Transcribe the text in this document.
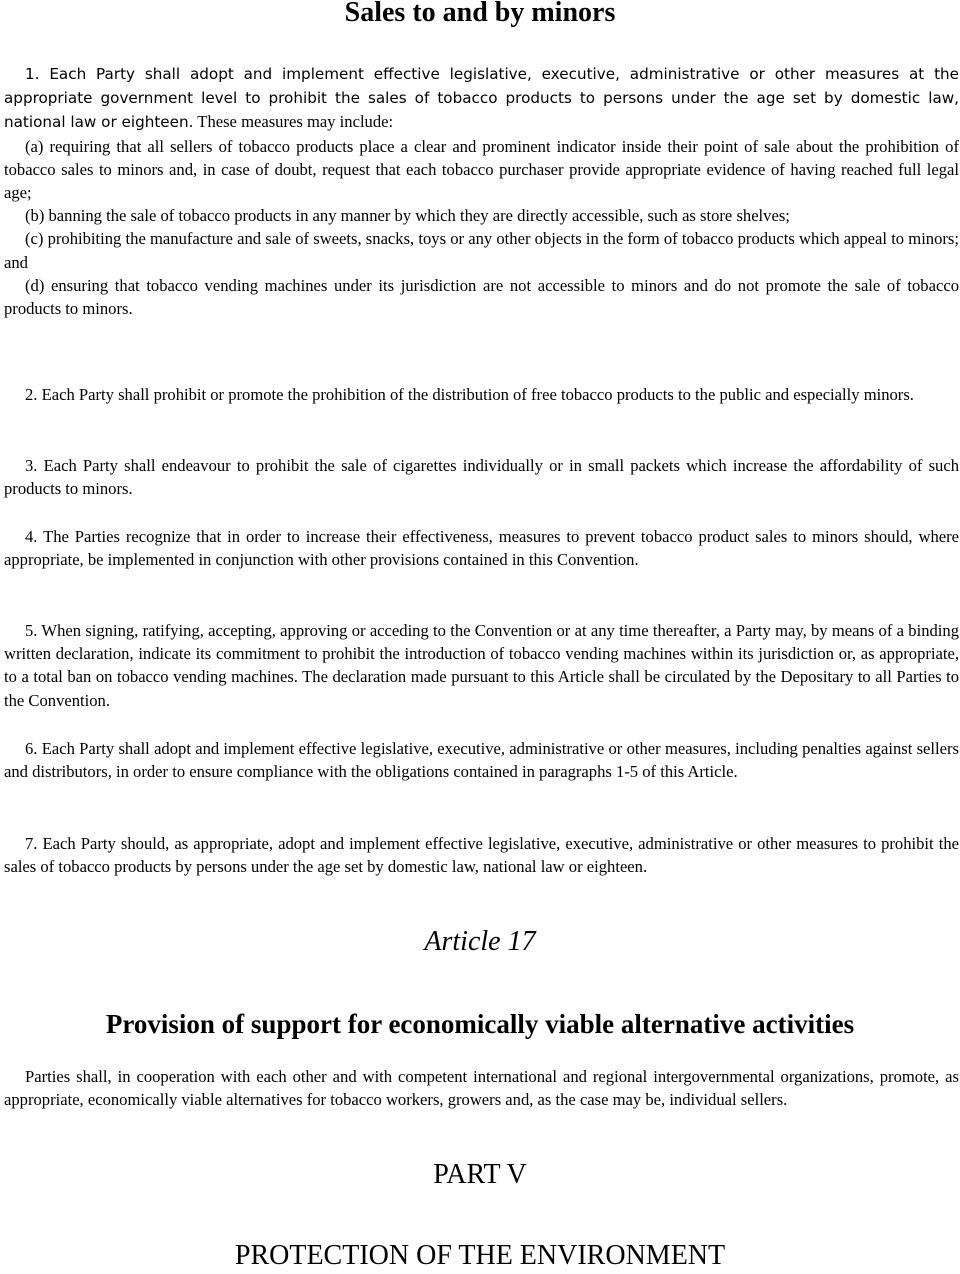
Sales to and by minors

1. Each Party shall adopt and implement effective legislative, executive, administrative or other measures at the appropriate government level to prohibit the sales of tobacco products to persons under the age set by domestic law, national law or eighteen. These measures may include:
(a) requiring that all sellers of tobacco products place a clear and prominent indicator inside their point of sale about the prohibition of tobacco sales to minors and, in case of doubt, request that each tobacco purchaser provide appropriate evidence of having reached full legal age;
(b) banning the sale of tobacco products in any manner by which they are directly accessible, such as store shelves;
(c) prohibiting the manufacture and sale of sweets, snacks, toys or any other objects in the form of tobacco products which appeal to minors; and
(d) ensuring that tobacco vending machines under its jurisdiction are not accessible to minors and do not promote the sale of tobacco products to minors.

2. Each Party shall prohibit or promote the prohibition of the distribution of free tobacco products to the public and especially minors.

3. Each Party shall endeavour to prohibit the sale of cigarettes individually or in small packets which increase the affordability of such products to minors.

4. The Parties recognize that in order to increase their effectiveness, measures to prevent tobacco product sales to minors should, where appropriate, be implemented in conjunction with other provisions contained in this Convention.

5. When signing, ratifying, accepting, approving or acceding to the Convention or at any time thereafter, a Party may, by means of a binding written declaration, indicate its commitment to prohibit the introduction of tobacco vending machines within its jurisdiction or, as appropriate, to a total ban on tobacco vending machines. The declaration made pursuant to this Article shall be circulated by the Depositary to all Parties to the Convention.

6. Each Party shall adopt and implement effective legislative, executive, administrative or other measures, including penalties against sellers and distributors, in order to ensure compliance with the obligations contained in paragraphs 1-5 of this Article.

7. Each Party should, as appropriate, adopt and implement effective legislative, executive, administrative or other measures to prohibit the sales of tobacco products by persons under the age set by domestic law, national law or eighteen.

Article 17
Provision of support for economically viable alternative activities

Parties shall, in cooperation with each other and with competent international and regional intergovernmental organizations, promote, as appropriate, economically viable alternatives for tobacco workers, growers and, as the case may be, individual sellers.

PART V
PROTECTION OF THE ENVIRONMENT
